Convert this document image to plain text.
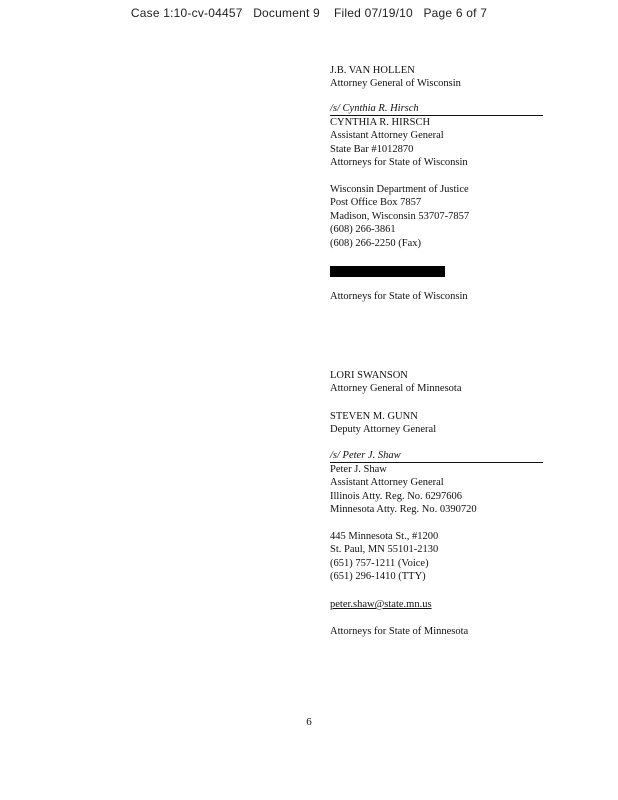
Case 1:10-cv-04457   Document 9    Filed 07/19/10   Page 6 of 7
J.B. VAN HOLLEN
Attorney General of Wisconsin
/s/ Cynthia R. Hirsch
CYNTHIA R. HIRSCH
Assistant Attorney General
State Bar #1012870
Attorneys for State of Wisconsin
Wisconsin Department of Justice
Post Office Box 7857
Madison, Wisconsin 53707-7857
(608) 266-3861
(608) 266-2250 (Fax)
Attorneys for State of Wisconsin
LORI SWANSON
Attorney General of Minnesota
STEVEN M. GUNN
Deputy Attorney General
/s/ Peter J. Shaw
Peter J. Shaw
Assistant Attorney General
Illinois Atty. Reg. No. 6297606
Minnesota Atty. Reg. No. 0390720
445 Minnesota St., #1200
St. Paul, MN 55101-2130
(651) 757-1211 (Voice)
(651) 296-1410 (TTY)
peter.shaw@state.mn.us
Attorneys for State of Minnesota
6
